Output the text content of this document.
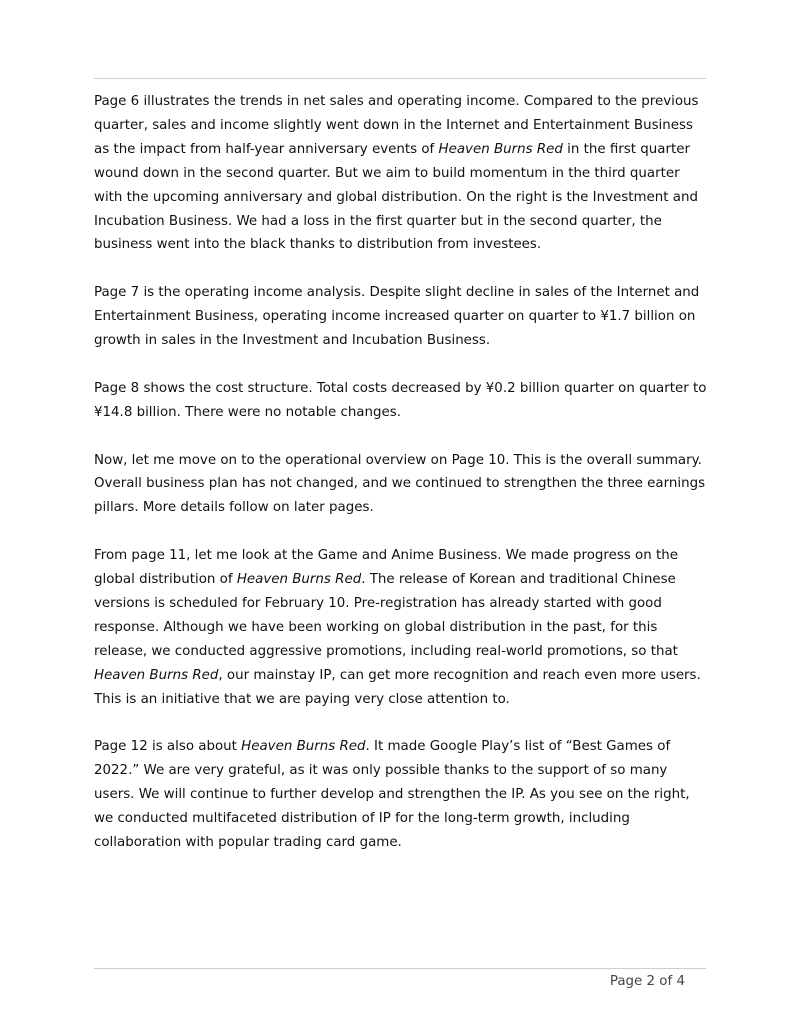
Page 6 illustrates the trends in net sales and operating income. Compared to the previous quarter, sales and income slightly went down in the Internet and Entertainment Business as the impact from half-year anniversary events of Heaven Burns Red in the first quarter wound down in the second quarter. But we aim to build momentum in the third quarter with the upcoming anniversary and global distribution. On the right is the Investment and Incubation Business. We had a loss in the first quarter but in the second quarter, the business went into the black thanks to distribution from investees.

Page 7 is the operating income analysis. Despite slight decline in sales of the Internet and Entertainment Business, operating income increased quarter on quarter to ¥1.7 billion on growth in sales in the Investment and Incubation Business.

Page 8 shows the cost structure. Total costs decreased by ¥0.2 billion quarter on quarter to ¥14.8 billion. There were no notable changes.

Now, let me move on to the operational overview on Page 10. This is the overall summary. Overall business plan has not changed, and we continued to strengthen the three earnings pillars. More details follow on later pages.

From page 11, let me look at the Game and Anime Business. We made progress on the global distribution of Heaven Burns Red. The release of Korean and traditional Chinese versions is scheduled for February 10. Pre-registration has already started with good response. Although we have been working on global distribution in the past, for this release, we conducted aggressive promotions, including real-world promotions, so that Heaven Burns Red, our mainstay IP, can get more recognition and reach even more users. This is an initiative that we are paying very close attention to.

Page 12 is also about Heaven Burns Red. It made Google Play’s list of “Best Games of 2022.” We are very grateful, as it was only possible thanks to the support of so many users. We will continue to further develop and strengthen the IP. As you see on the right, we conducted multifaceted distribution of IP for the long-term growth, including collaboration with popular trading card game.

Page 2 of 4
